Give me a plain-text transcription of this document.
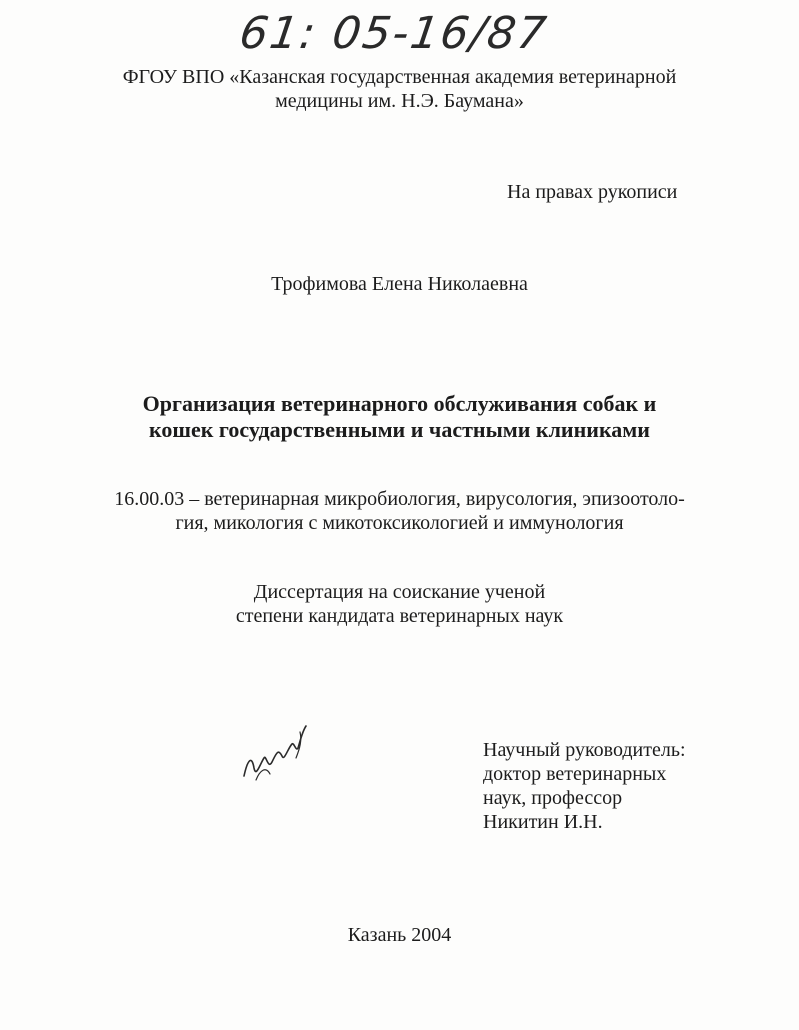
61: 05-16/87
ФГОУ ВПО «Казанская государственная академия ветеринарной
медицины им. Н.Э. Баумана»
На правах рукописи
Трофимова Елена Николаевна
Организация ветеринарного обслуживания собак и
кошек государственными и частными клиниками
16.00.03 – ветеринарная микробиология, вирусология, эпизоотоло-
гия, микология с микотоксикологией и иммунология
Диссертация на соискание ученой
степени кандидата ветеринарных наук
Научный руководитель:
доктор ветеринарных
наук, профессор
Никитин И.Н.
Казань 2004
